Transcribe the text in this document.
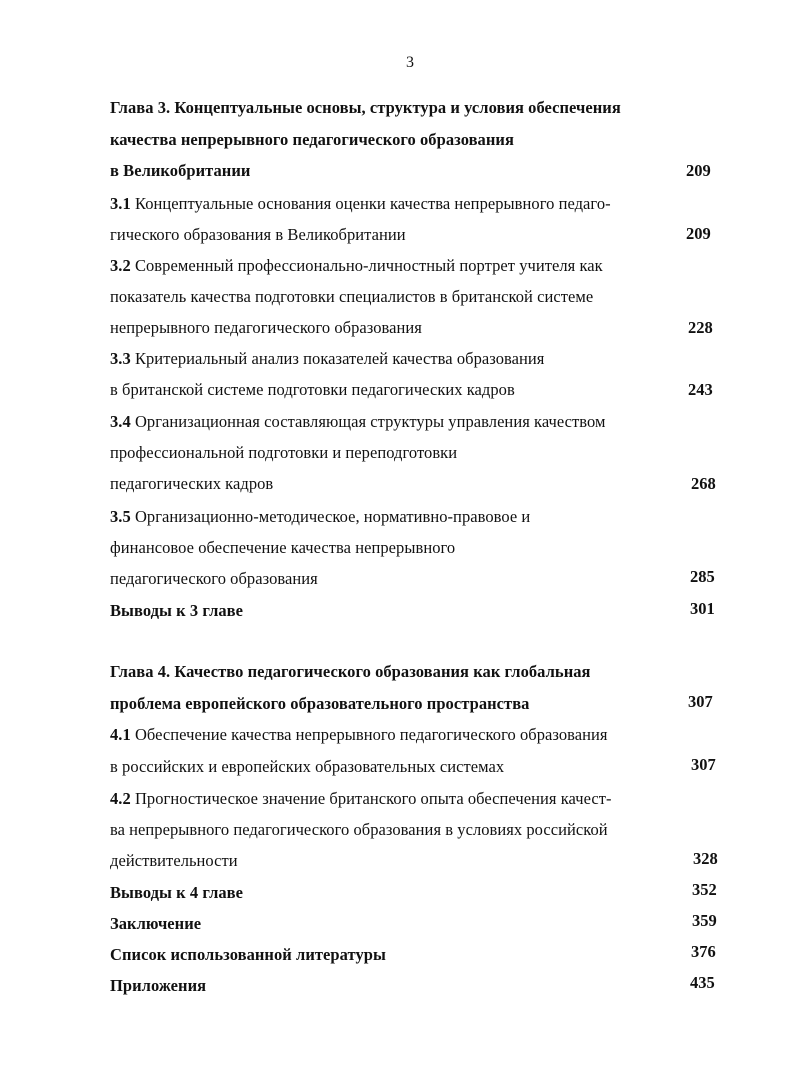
3
Глава 3. Концептуальные основы, структура и условия обеспечения
качества непрерывного педагогического образования
в Великобритании	209
3.1 Концептуальные основания оценки качества непрерывного педаго-
гического образования в Великобритании	209
3.2 Современный профессионально-личностный портрет учителя как
показатель качества подготовки специалистов в британской системе
непрерывного педагогического образования	228
3.3 Критериальный анализ показателей качества образования
в британской системе подготовки педагогических кадров	243
3.4 Организационная составляющая структуры управления качеством
профессиональной подготовки и переподготовки
педагогических кадров	268
3.5 Организационно-методическое, нормативно-правовое и
финансовое обеспечение качества непрерывного
педагогического образования	285
Выводы к 3 главе	301
Глава 4. Качество педагогического образования как глобальная
проблема европейского образовательного пространства	307
4.1 Обеспечение качества непрерывного педагогического образования
в российских и европейских образовательных системах	307
4.2 Прогностическое значение британского опыта обеспечения качест-
ва непрерывного педагогического образования в условиях российской
действительности	328
Выводы к 4 главе	352
Заключение	359
Список использованной литературы	376
Приложения	435
